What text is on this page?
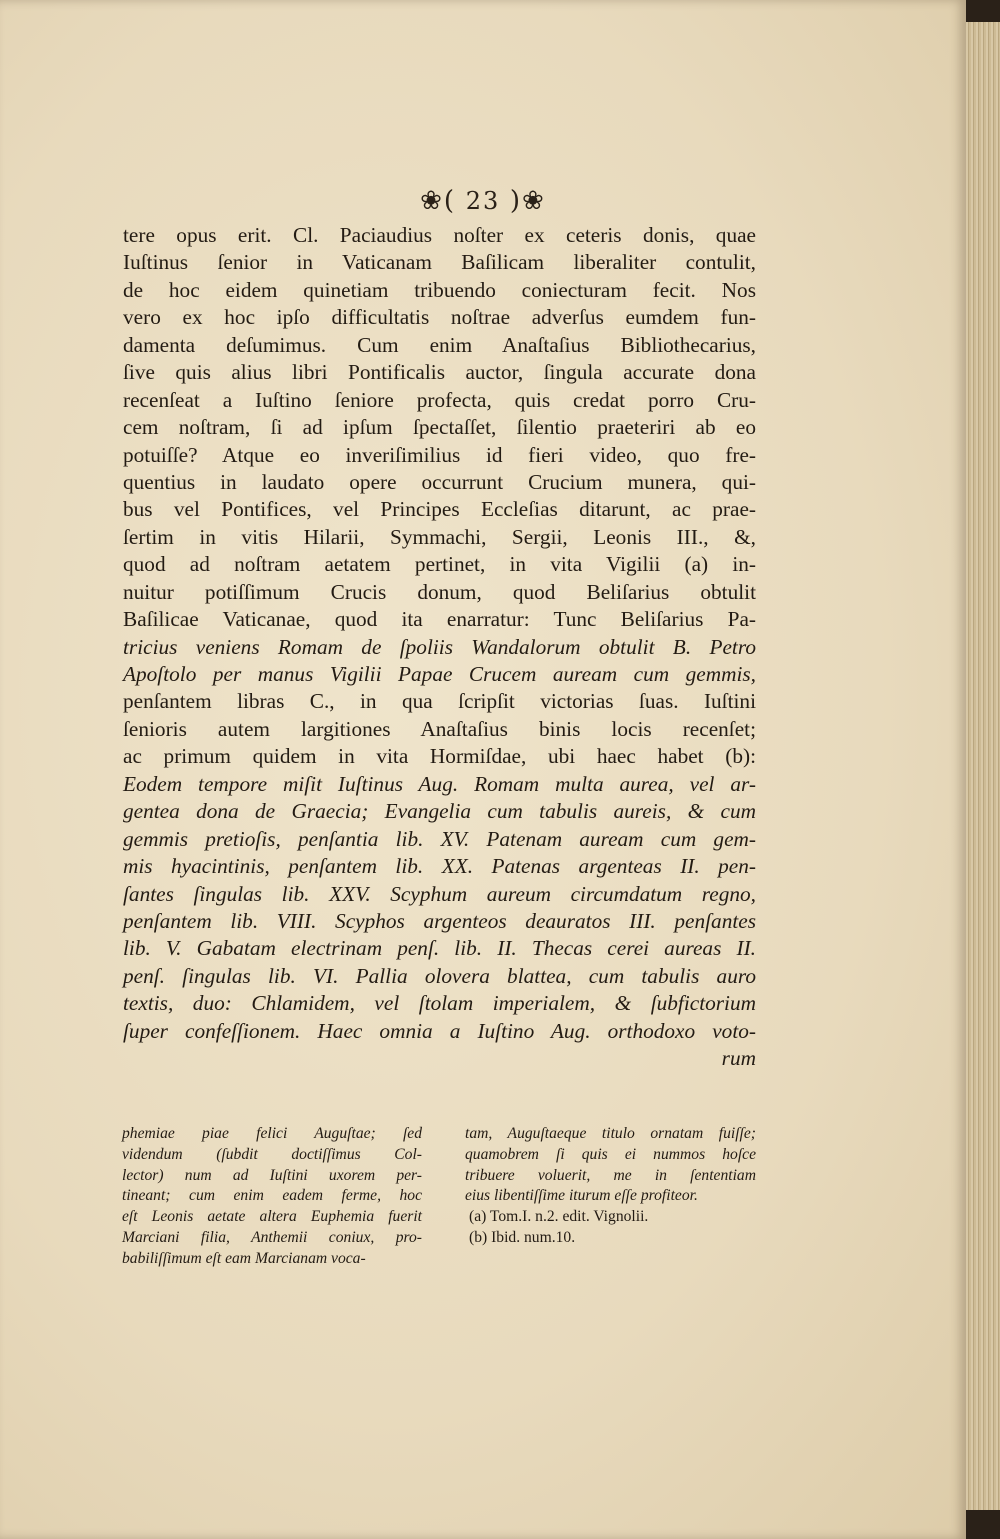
❀( 23 )❀
tere opus erit. Cl. Paciaudius noſter ex ceteris donis, quae
Iuſtinus ſenior in Vaticanam Baſilicam liberaliter contulit,
de hoc eidem quinetiam tribuendo coniecturam fecit. Nos
vero ex hoc ipſo difficultatis noſtrae adverſus eumdem fun-
damenta deſumimus. Cum enim Anaſtaſius Bibliothecarius,
ſive quis alius libri Pontificalis auctor, ſingula accurate dona
recenſeat a Iuſtino ſeniore profecta, quis credat porro Cru-
cem noſtram, ſi ad ipſum ſpectaſſet, ſilentio praeteriri ab eo
potuiſſe? Atque eo inveriſimilius id fieri video, quo fre-
quentius in laudato opere occurrunt Crucium munera, qui-
bus vel Pontifices, vel Principes Eccleſias ditarunt, ac prae-
ſertim in vitis Hilarii, Symmachi, Sergii, Leonis III., &,
quod ad noſtram aetatem pertinet, in vita Vigilii (a) in-
nuitur potiſſimum Crucis donum, quod Beliſarius obtulit
Baſilicae Vaticanae, quod ita enarratur: Tunc Beliſarius Pa-
tricius veniens Romam de ſpoliis Wandalorum obtulit B. Petro
Apoſtolo per manus Vigilii Papae Crucem auream cum gemmis,
penſantem libras C., in qua ſcripſit victorias ſuas. Iuſtini
ſenioris autem largitiones Anaſtaſius binis locis recenſet;
ac primum quidem in vita Hormiſdae, ubi haec habet (b):
Eodem tempore miſit Iuſtinus Aug. Romam multa aurea, vel ar-
gentea dona de Graecia; Evangelia cum tabulis aureis, & cum
gemmis pretioſis, penſantia lib. XV. Patenam auream cum gem-
mis hyacintinis, penſantem lib. XX. Patenas argenteas II. pen-
ſantes ſingulas lib. XXV. Scyphum aureum circumdatum regno,
penſantem lib. VIII. Scyphos argenteos deauratos III. penſantes
lib. V. Gabatam electrinam penſ. lib. II. Thecas cerei aureas II.
penſ. ſingulas lib. VI. Pallia olovera blattea, cum tabulis auro
textis, duo: Chlamidem, vel ſtolam imperialem, & ſubfictorium
ſuper confeſſionem. Haec omnia a Iuſtino Aug. orthodoxo voto-
rum
phemiae piae felici Auguſtae; ſed
videndum (ſubdit doctiſſimus Col-
lector) num ad Iuſtini uxorem per-
tineant; cum enim eadem ferme, hoc
eſt Leonis aetate altera Euphemia fuerit
Marciani filia, Anthemii coniux, pro-
babiliſſimum eſt eam Marcianam voca-
tam, Auguſtaeque titulo ornatam fuiſſe;
quamobrem ſi quis ei nummos hoſce
tribuere voluerit, me in ſententiam
eius libentiſſime iturum eſſe profiteor.
(a) Tom.I. n.2. edit. Vignolii.
(b) Ibid. num.10.
